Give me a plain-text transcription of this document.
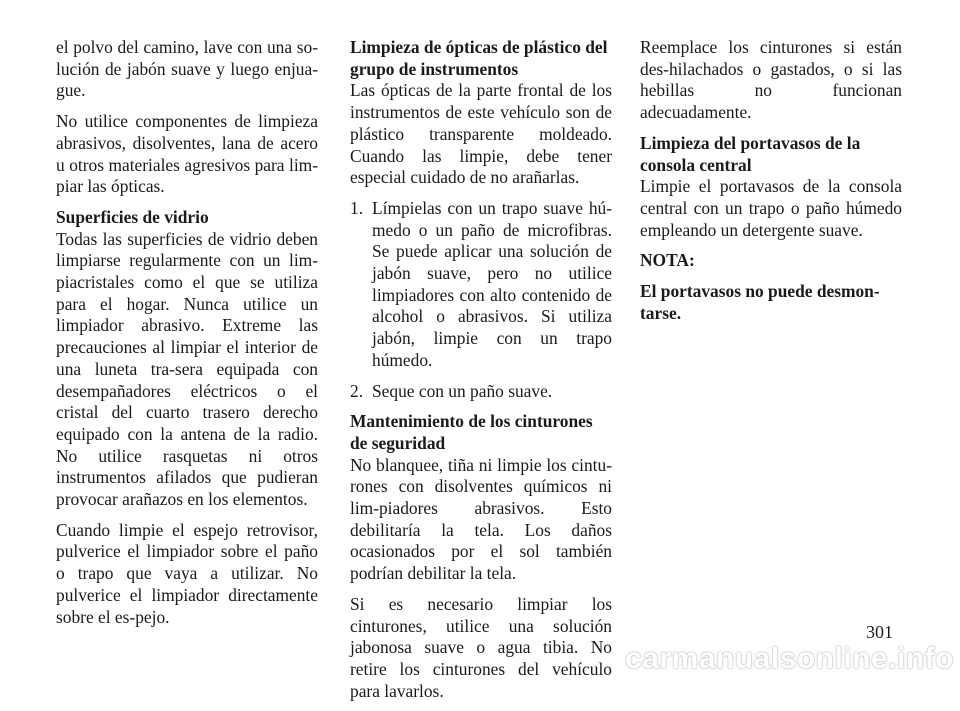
el polvo del camino, lave con una so-lución de jabón suave y luego enjua-gue.

No utilice componentes de limpieza abrasivos, disolventes, lana de acero u otros materiales agresivos para lim-piar las ópticas.

Superficies de vidrio

Todas las superficies de vidrio deben limpiarse regularmente con un lim-piacristales como el que se utiliza para el hogar. Nunca utilice un limpiador abrasivo. Extreme las precauciones al limpiar el interior de una luneta tra-sera equipada con desempañadores eléctricos o el cristal del cuarto trasero derecho equipado con la antena de la radio. No utilice rasquetas ni otros instrumentos afilados que pudieran provocar arañazos en los elementos.

Cuando limpie el espejo retrovisor, pulverice el limpiador sobre el paño o trapo que vaya a utilizar. No pulverice el limpiador directamente sobre el es-pejo.

Limpieza de ópticas de plástico del grupo de instrumentos

Las ópticas de la parte frontal de los instrumentos de este vehículo son de plástico transparente moldeado. Cuando las limpie, debe tener especial cuidado de no arañarlas.

1. Límpielas con un trapo suave hú-medo o un paño de microfibras. Se puede aplicar una solución de jabón suave, pero no utilice limpiadores con alto contenido de alcohol o abrasivos. Si utiliza jabón, limpie con un trapo húmedo.
2. Seque con un paño suave.
Mantenimiento de los cinturones de seguridad

No blanquee, tiña ni limpie los cintu-rones con disolventes químicos ni lim-piadores abrasivos. Esto debilitaría la tela. Los daños ocasionados por el sol también podrían debilitar la tela.

Si es necesario limpiar los cinturones, utilice una solución jabonosa suave o agua tibia. No retire los cinturones del vehículo para lavarlos.

Reemplace los cinturones si están des-hilachados o gastados, o si las hebillas no funcionan adecuadamente.

Limpieza del portavasos de la consola central

Limpie el portavasos de la consola central con un trapo o paño húmedo empleando un detergente suave.

NOTA:
El portavasos no puede desmon-tarse.
301
carmanualsonline.info
